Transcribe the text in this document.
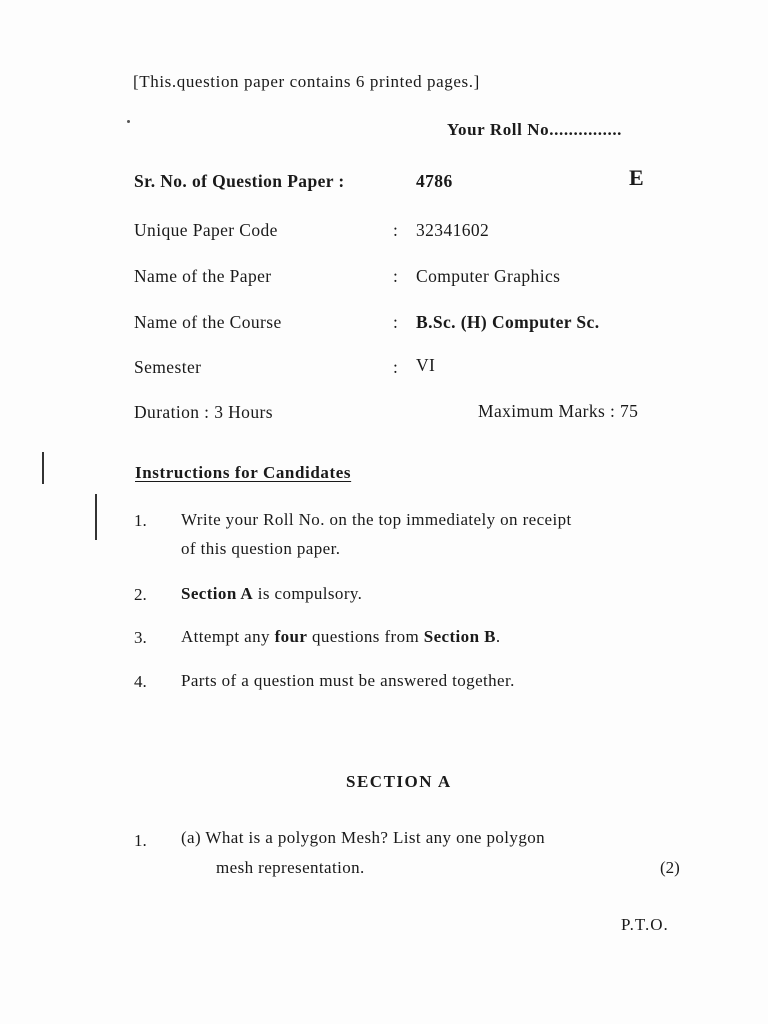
[This.question paper contains 6 printed pages.]
Your Roll No...............
Sr. No. of Question Paper :	4786	E
Unique Paper Code	: 32341602
Name of the Paper	: Computer Graphics
Name of the Course	: B.Sc. (H) Computer Sc.
Semester	: VI
Duration : 3 Hours	Maximum Marks : 75
Instructions for Candidates
1. Write your Roll No. on the top immediately on receipt
of this question paper.
2. Section A is compulsory.
3. Attempt any four questions from Section B.
4. Parts of a question must be answered together.
SECTION A
1. (a) What is a polygon Mesh? List any one polygon
mesh representation.	(2)
P.T.O.
